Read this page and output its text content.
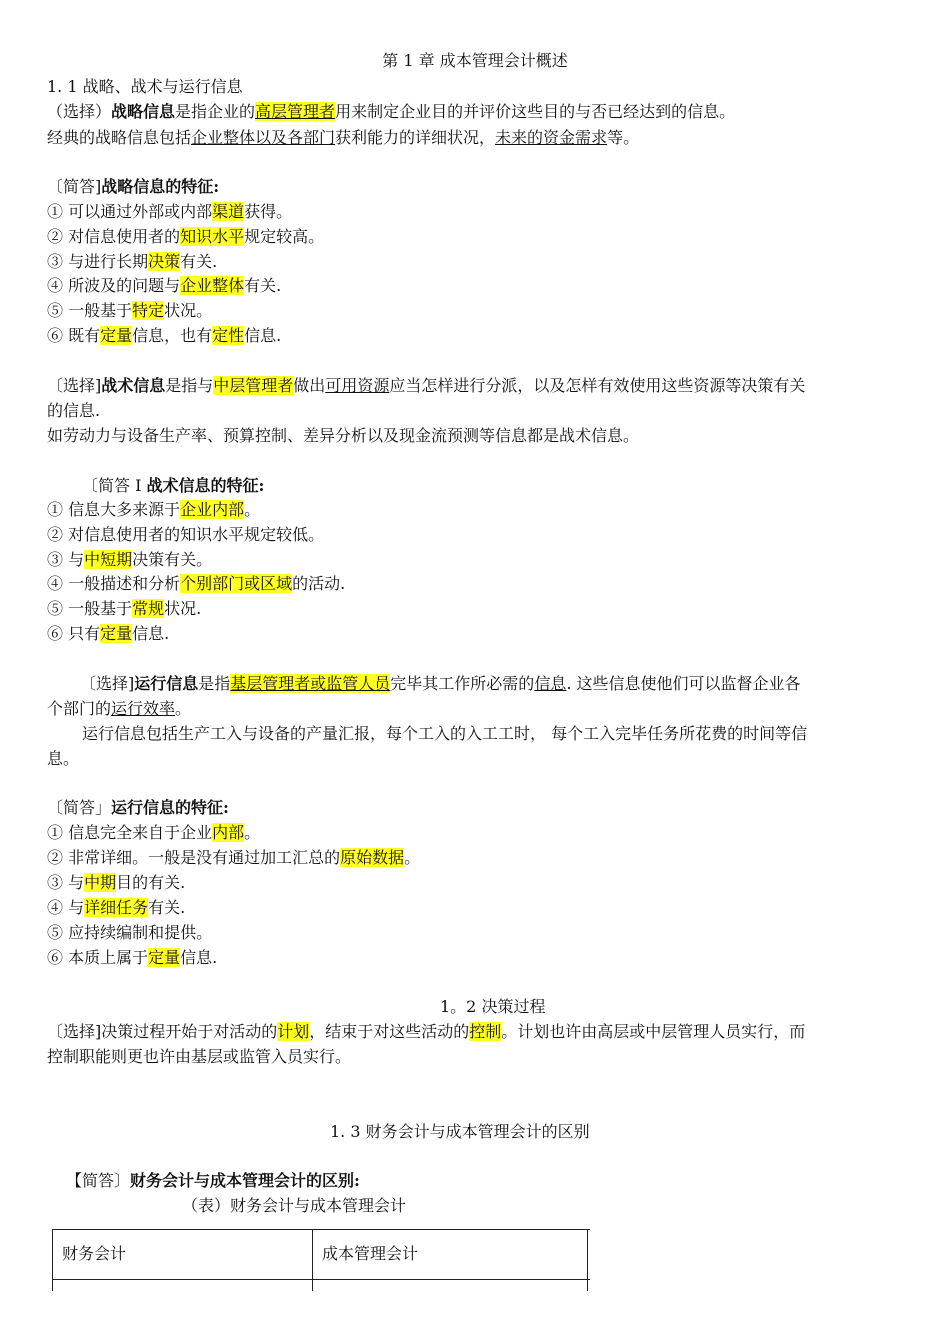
第 1 章 成本管理会计概述
1. 1 战略、战术与运行信息
（选择）战略信息是指企业的高层管理者用来制定企业目的并评价这些目的与否已经达到的信息。
经典的战略信息包括企业整体以及各部门获利能力的详细状况，未来的资金需求等。
〔简答]战略信息的特征:
① 可以通过外部或内部渠道获得。
② 对信息使用者的知识水平规定较高。
③ 与进行长期决策有关.
④ 所波及的问题与企业整体有关.
⑤ 一般基于特定状况。
⑥ 既有定量信息，也有定性信息.
〔选择]战术信息是指与中层管理者做出可用资源应当怎样进行分派，以及怎样有效使用这些资源等决策有关
的信息.
如劳动力与设备生产率、预算控制、差异分析以及现金流预测等信息都是战术信息。
〔简答 I 战术信息的特征:
① 信息大多来源于企业内部。
② 对信息使用者的知识水平规定较低。
③ 与中短期决策有关。
④ 一般描述和分析个别部门或区域的活动.
⑤ 一般基于常规状况.
⑥ 只有定量信息.
〔选择]运行信息是指基层管理者或监管人员完毕其工作所必需的信息. 这些信息使他们可以监督企业各
个部门的运行效率。
运行信息包括生产工入与设备的产量汇报，每个工入的入工工时， 每个工入完毕任务所花费的时间等信
息。
〔简答」运行信息的特征:
① 信息完全来自于企业内部。
② 非常详细。一般是没有通过加工汇总的原始数据。
③ 与中期目的有关.
④ 与详细任务有关.
⑤ 应持续编制和提供。
⑥ 本质上属于定量信息.
1。2 决策过程
〔选择]决策过程开始于对活动的计划，结束于对这些活动的控制。计划也许由高层或中层管理人员实行，而
控制职能则更也许由基层或监管入员实行。
1. 3 财务会计与成本管理会计的区别
【简答〕财务会计与成本管理会计的区别:
（表）财务会计与成本管理会计
财务会计	成本管理会计
